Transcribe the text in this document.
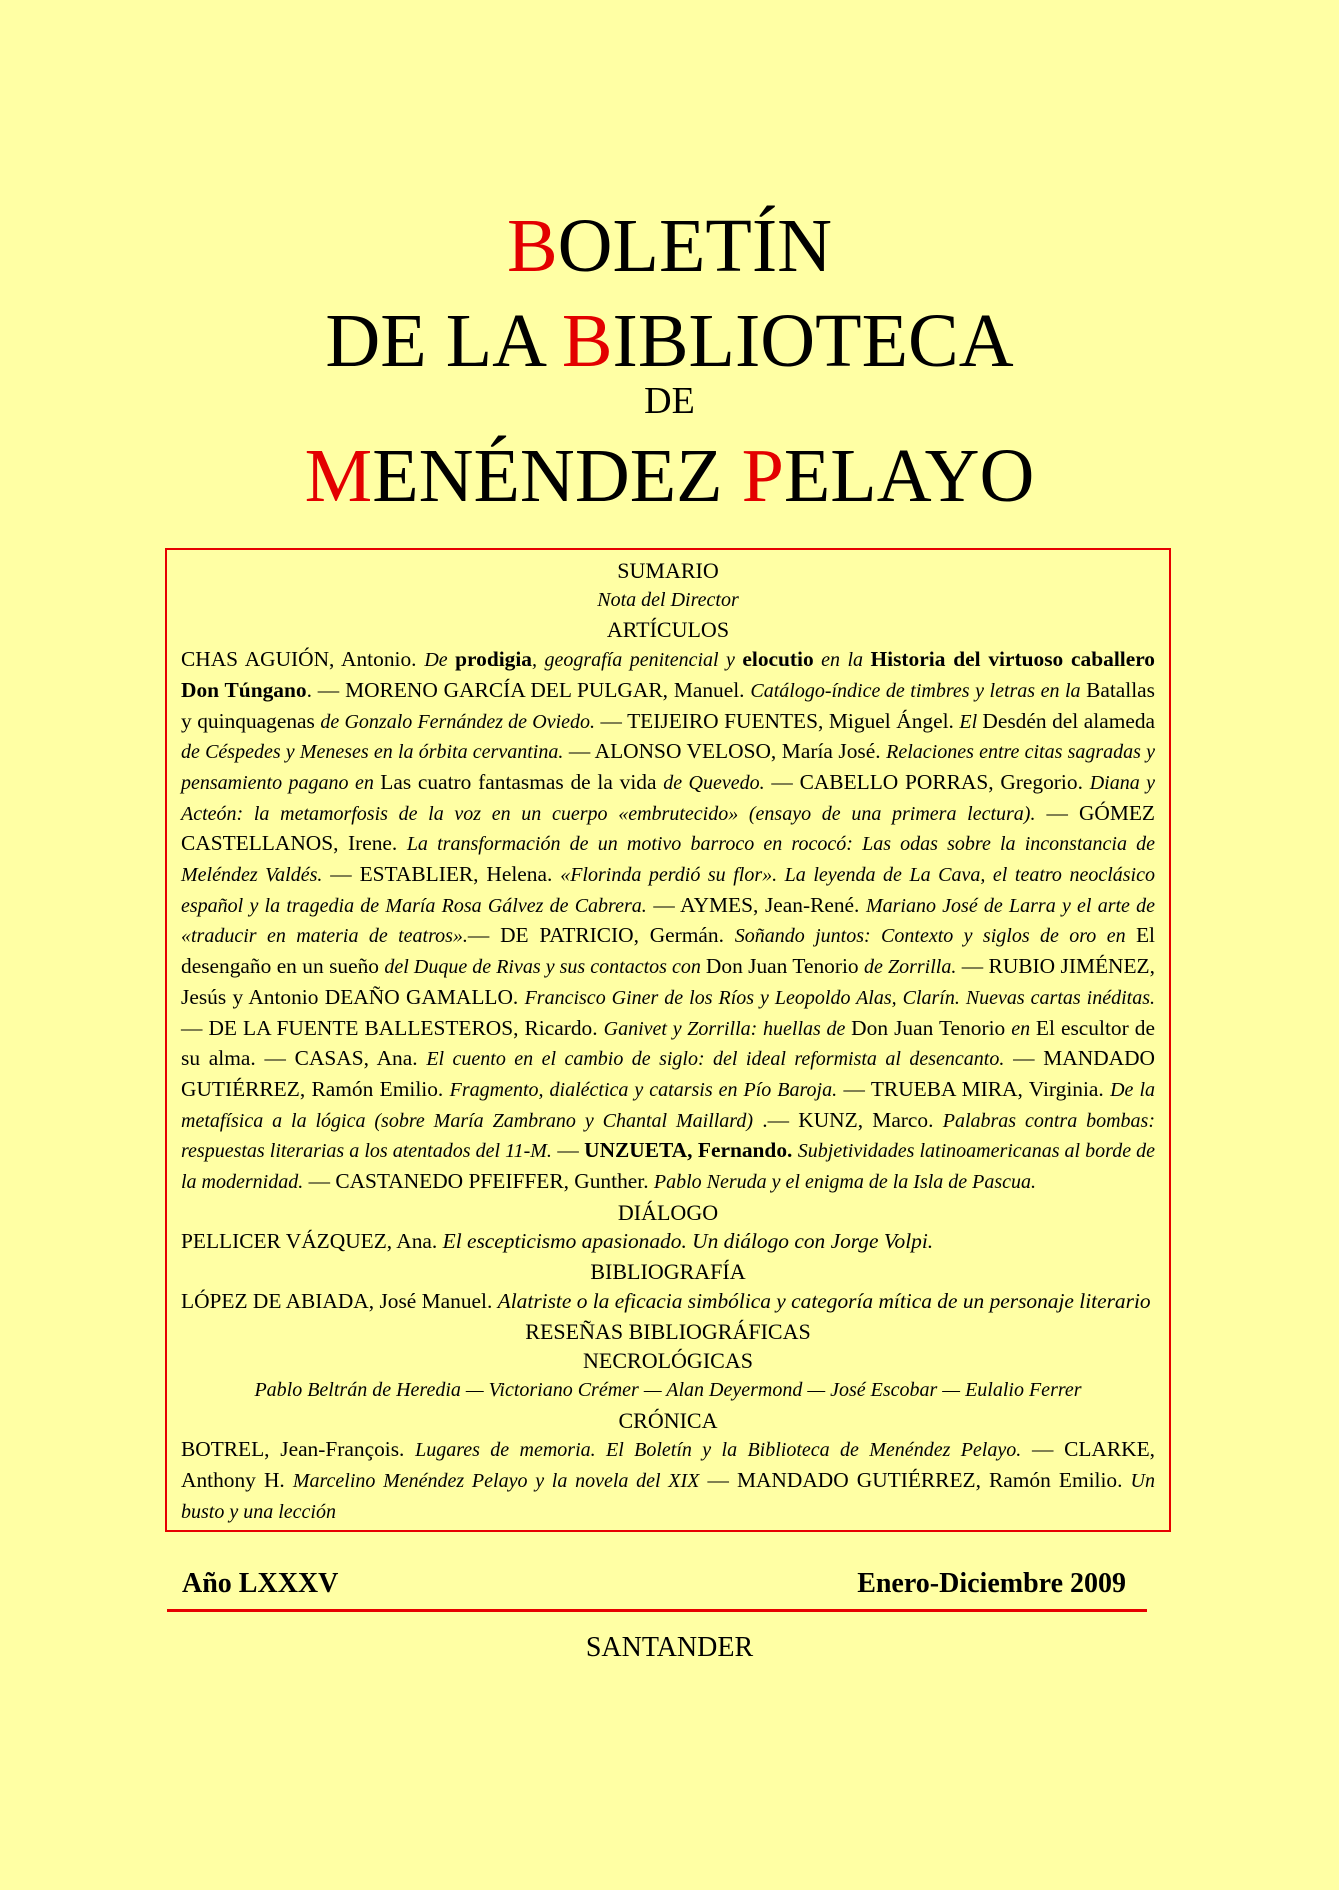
BOLETÍN
DE LA BIBLIOTECA
DE
MENÉNDEZ PELAYO
SUMARIO
Nota del Director
ARTÍCULOS
CHAS AGUIÓN, Antonio. De prodigia, geografía penitencial y elocutio en la Historia del virtuoso caballero Don Túngano. — MORENO GARCÍA DEL PULGAR, Manuel. Catálogo-índice de timbres y letras en la Batallas y quinquagenas de Gonzalo Fernández de Oviedo. — TEIJEIRO FUENTES, Miguel Ángel. El Desdén del alameda de Céspedes y Meneses en la órbita cervantina. — ALONSO VELOSO, María José. Relaciones entre citas sagradas y pensamiento pagano en Las cuatro fantasmas de la vida de Quevedo. — CABELLO PORRAS, Gregorio. Diana y Acteón: la metamorfosis de la voz en un cuerpo «embrutecido» (ensayo de una primera lectura). — GÓMEZ CASTELLANOS, Irene. La transformación de un motivo barroco en rococó: Las odas sobre la inconstancia de Meléndez Valdés. — ESTABLIER, Helena. «Florinda perdió su flor». La leyenda de La Cava, el teatro neoclásico español y la tragedia de María Rosa Gálvez de Cabrera. — AYMES, Jean-René. Mariano José de Larra y el arte de «traducir en materia de teatros».— DE PATRICIO, Germán. Soñando juntos: Contexto y siglos de oro en El desengaño en un sueño del Duque de Rivas y sus contactos con Don Juan Tenorio de Zorrilla. — RUBIO JIMÉNEZ, Jesús y Antonio DEAÑO GAMALLO. Francisco Giner de los Ríos y Leopoldo Alas, Clarín. Nuevas cartas inéditas. — DE LA FUENTE BALLESTEROS, Ricardo. Ganivet y Zorrilla: huellas de Don Juan Tenorio en El escultor de su alma. — CASAS, Ana. El cuento en el cambio de siglo: del ideal reformista al desencanto. — MANDADO GUTIÉRREZ, Ramón Emilio. Fragmento, dialéctica y catarsis en Pío Baroja. — TRUEBA MIRA, Virginia. De la metafísica a la lógica (sobre María Zambrano y Chantal Maillard) .— KUNZ, Marco. Palabras contra bombas: respuestas literarias a los atentados del 11-M. — UNZUETA, Fernando. Subjetividades latinoamericanas al borde de la modernidad. — CASTANEDO PFEIFFER, Gunther. Pablo Neruda y el enigma de la Isla de Pascua.
DIÁLOGO
PELLICER VÁZQUEZ, Ana. El escepticismo apasionado. Un diálogo con Jorge Volpi.
BIBLIOGRAFÍA
LÓPEZ DE ABIADA, José Manuel. Alatriste o la eficacia simbólica y categoría mítica de un personaje literario
RESEÑAS BIBLIOGRÁFICAS
NECROLÓGICAS
Pablo Beltrán de Heredia — Victoriano Crémer — Alan Deyermond — José Escobar — Eulalio Ferrer
CRÓNICA
BOTREL, Jean-François. Lugares de memoria. El Boletín y la Biblioteca de Menéndez Pelayo. — CLARKE, Anthony H. Marcelino Menéndez Pelayo y la novela del XIX — MANDADO GUTIÉRREZ, Ramón Emilio. Un busto y una lección
Año LXXXV	Enero-Diciembre 2009
SANTANDER
